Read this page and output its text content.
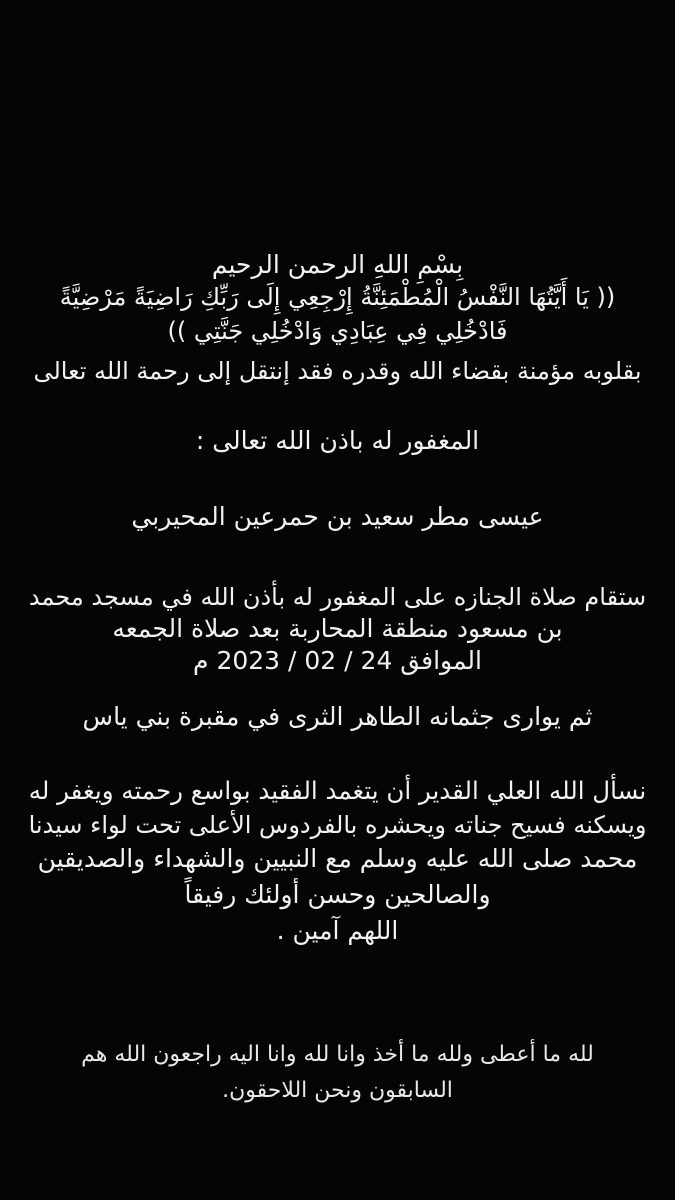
بِسْمِ اللهِ الرحمن الرحيم
(( يَا أَيَّتُهَا النَّفْسُ الْمُطْمَئِنَّةُ إِرْجِعِي إِلَى رَبِّكِ رَاضِيَةً مَرْضِيَّةً
فَادْخُلِي فِي عِبَادِي وَادْخُلِي جَنَّتِي ))
بقلوبه مؤمنة بقضاء الله وقدره فقد إنتقل إلى رحمة الله تعالى
المغفور له باذن الله تعالى :
عيسى مطر سعيد بن حمرعين المحيربي
ستقام صلاة الجنازه على المغفور له بأذن الله في مسجد محمد
بن مسعود منطقة المحاربة بعد صلاة الجمعه
الموافق 24 / 02 / 2023 م
ثم يوارى جثمانه الطاهر الثرى في مقبرة بني ياس
نسأل الله العلي القدير أن يتغمد الفقيد بواسع رحمته ويغفر له
ويسكنه فسيح جناته ويحشره بالفردوس الأعلى تحت لواء سيدنا
محمد صلى الله عليه وسلم مع النبيين والشهداء والصديقين
والصالحين وحسن أولئك رفيقاً
اللهم آمين .
لله ما أعطى ولله ما أخذ وانا لله وانا اليه راجعون الله هم
السابقون ونحن اللاحقون.
